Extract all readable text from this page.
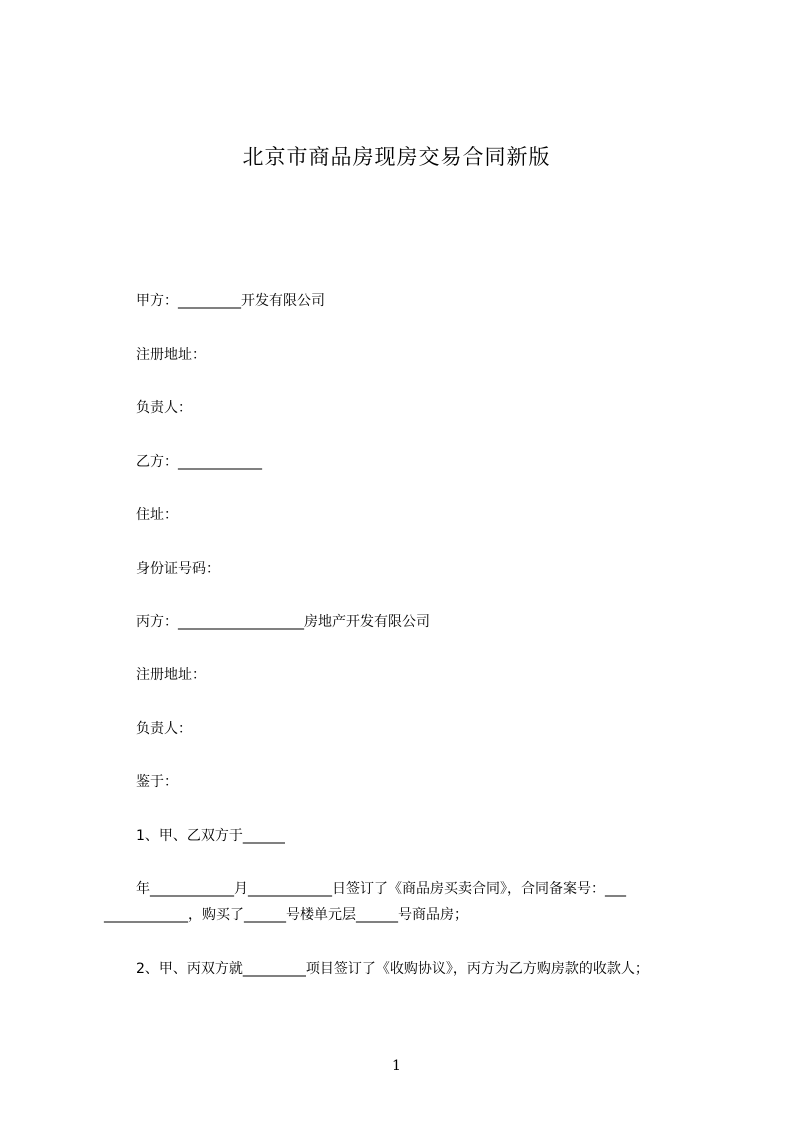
北京市商品房现房交易合同新版
甲方：_________开发有限公司
注册地址：
负责人：
乙方：____________
住址：
身份证号码：
丙方：__________________房地产开发有限公司
注册地址：
负责人：
鉴于：
1、甲、乙双方于______
年____________月____________日签订了《商品房买卖合同》，合同备案号：___
____________，购买了______号楼单元层______号商品房；
2、甲、丙双方就_________项目签订了《收购协议》，丙方为乙方购房款的收款人；
1
